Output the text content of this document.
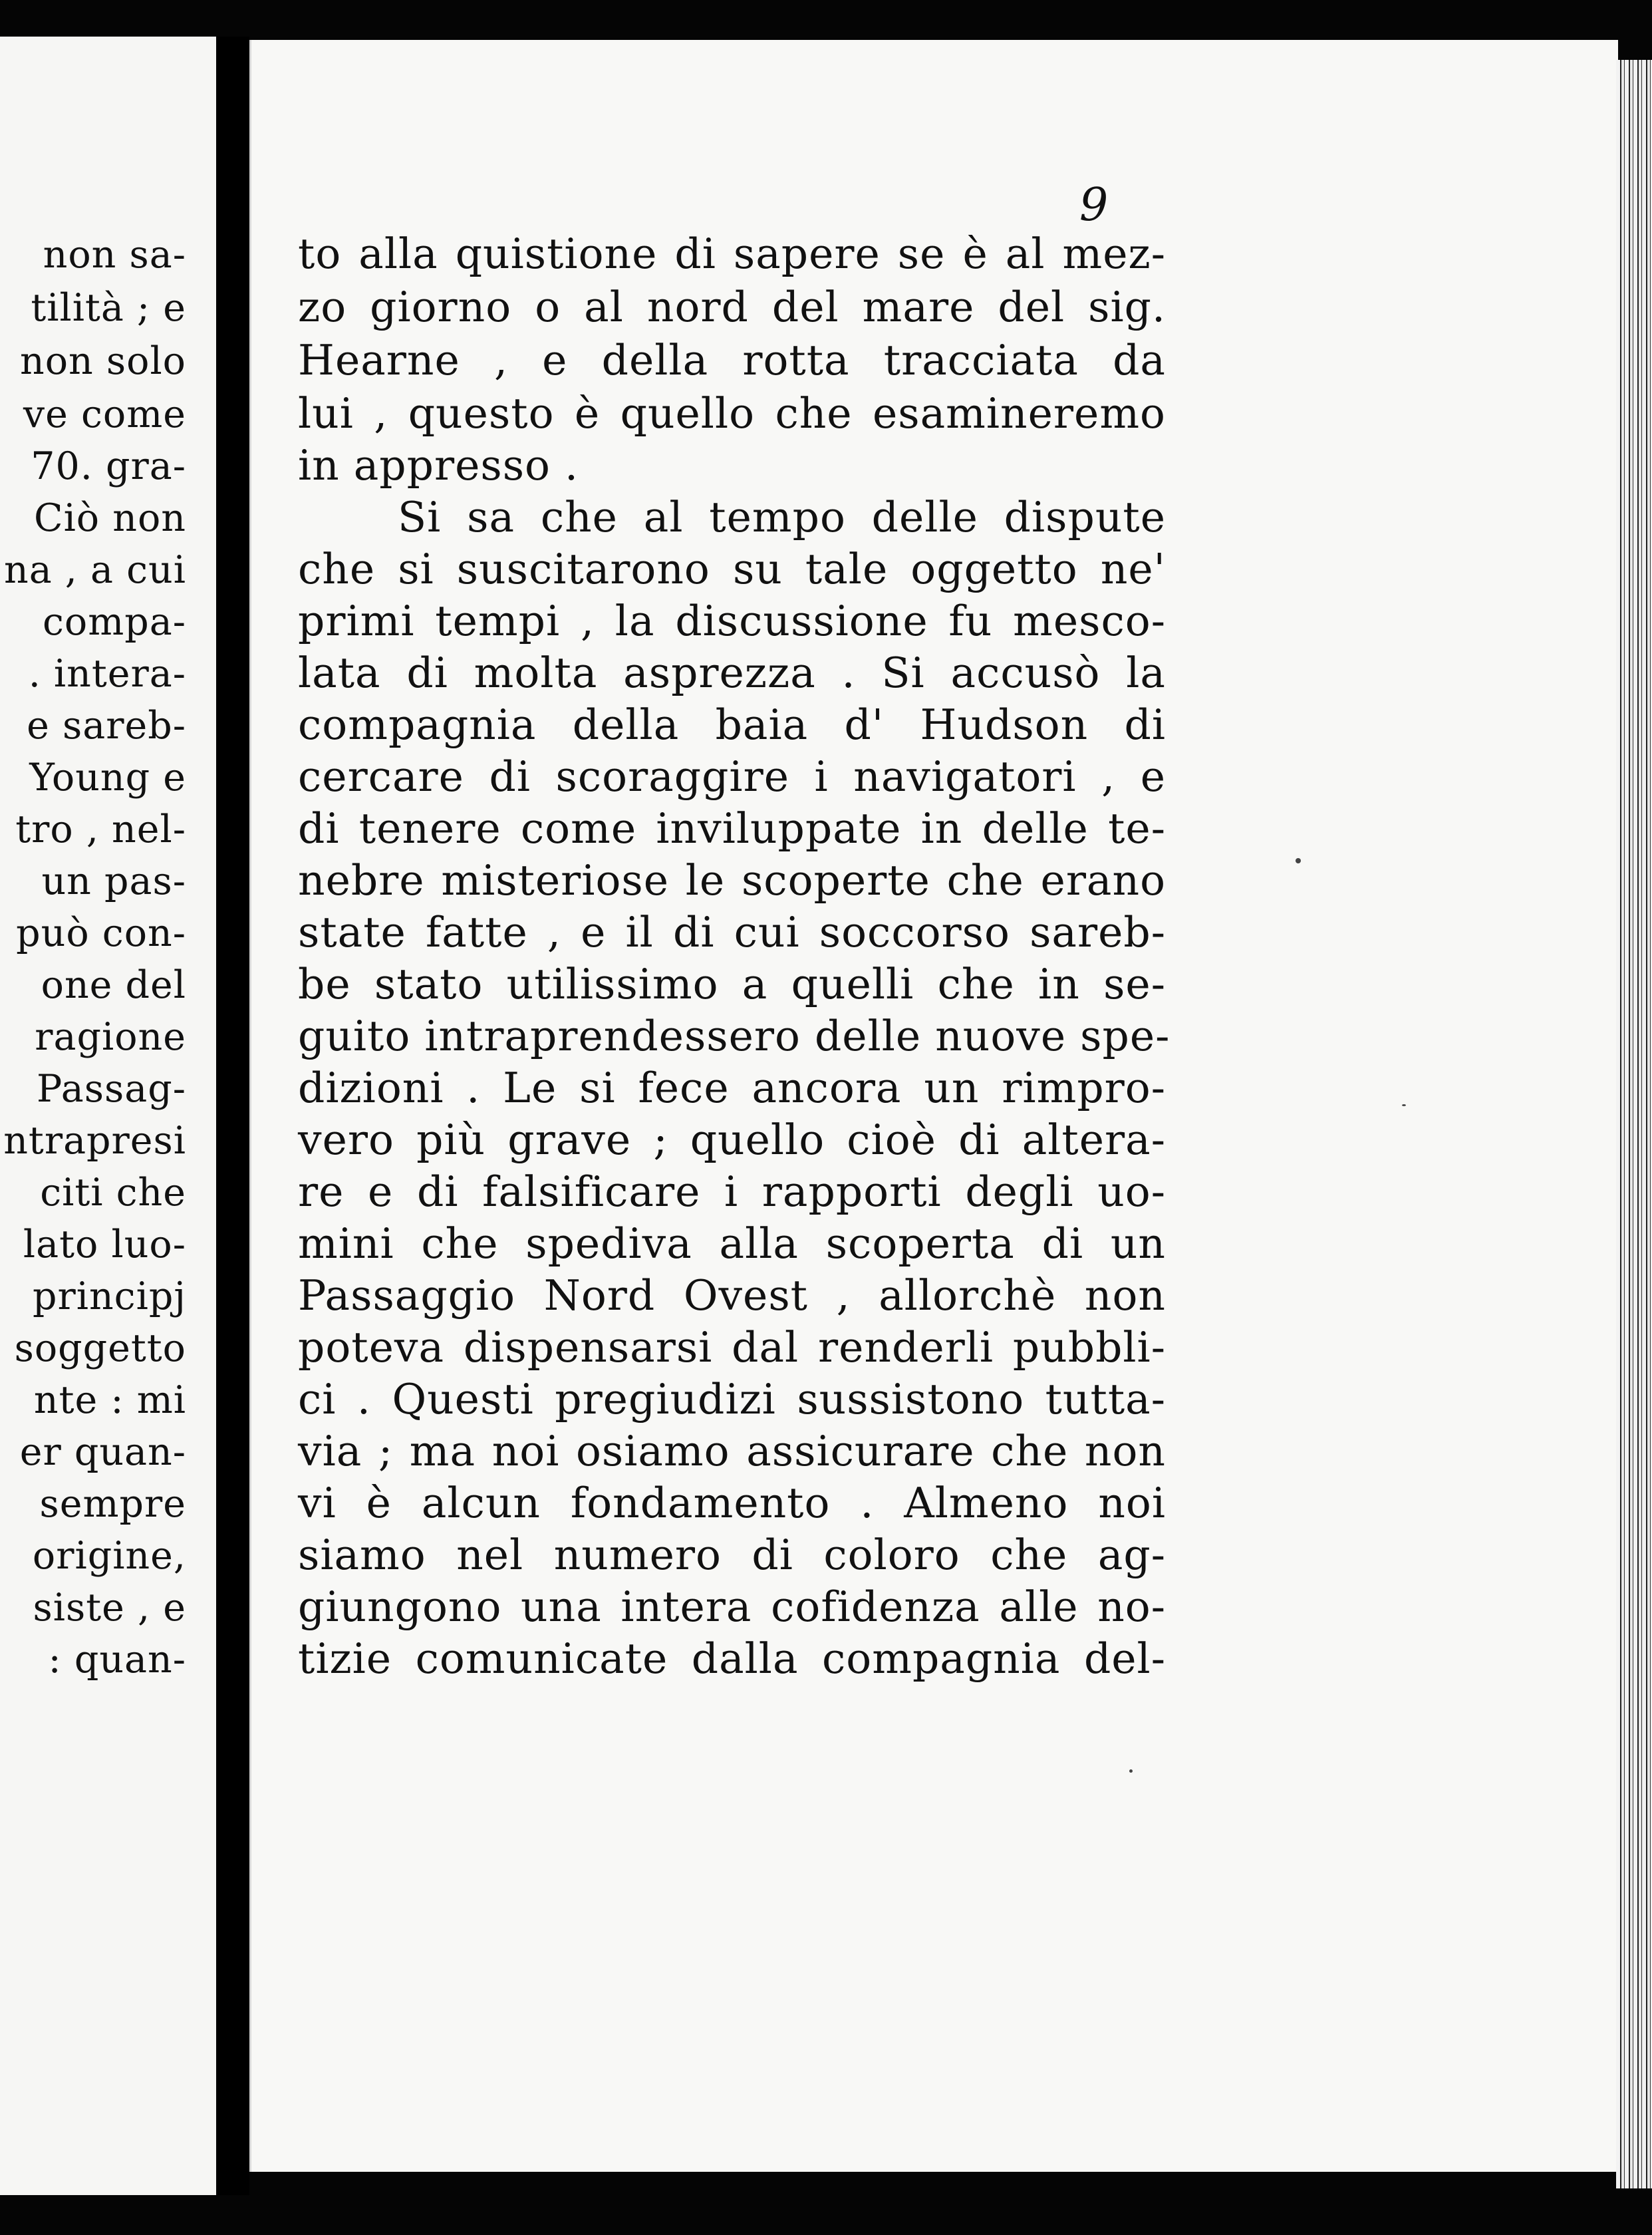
non sa-
tilità ; e
non solo
ve come
70. gra-
Ciò non
na , a cui
compa-
. intera-
e sareb-
Young e
tro , nel-
un pas-
può con-
one del
ragione
Passag-
ntrapresi
citi che
lato luo-
principj
soggetto
nte : mi
er quan-
sempre
origine,
siste , e
: quan-
9
to alla quistione di sapere se è al mez-
zo giorno o al nord del mare del sig.
Hearne , e della rotta tracciata da
lui , questo è quello che esamineremo
in appresso .
Si sa che al tempo delle dispute
che si suscitarono su tale oggetto ne'
primi tempi , la discussione fu mesco-
lata di molta asprezza . Si accusò la
compagnia della baia d' Hudson di
cercare di scoraggire i navigatori , e
di tenere come inviluppate in delle te-
nebre misteriose le scoperte che erano
state fatte , e il di cui soccorso sareb-
be stato utilissimo a quelli che in se-
guito intraprendessero delle nuove spe-
dizioni . Le si fece ancora un rimpro-
vero più grave ; quello cioè di altera-
re e di falsificare i rapporti degli uo-
mini che spediva alla scoperta di un
Passaggio Nord Ovest , allorchè non
poteva dispensarsi dal renderli pubbli-
ci . Questi pregiudizi sussistono tutta-
via ; ma noi osiamo assicurare che non
vi è alcun fondamento . Almeno noi
siamo nel numero di coloro che ag-
giungono una intera cofidenza alle no-
tizie comunicate dalla compagnia del-
